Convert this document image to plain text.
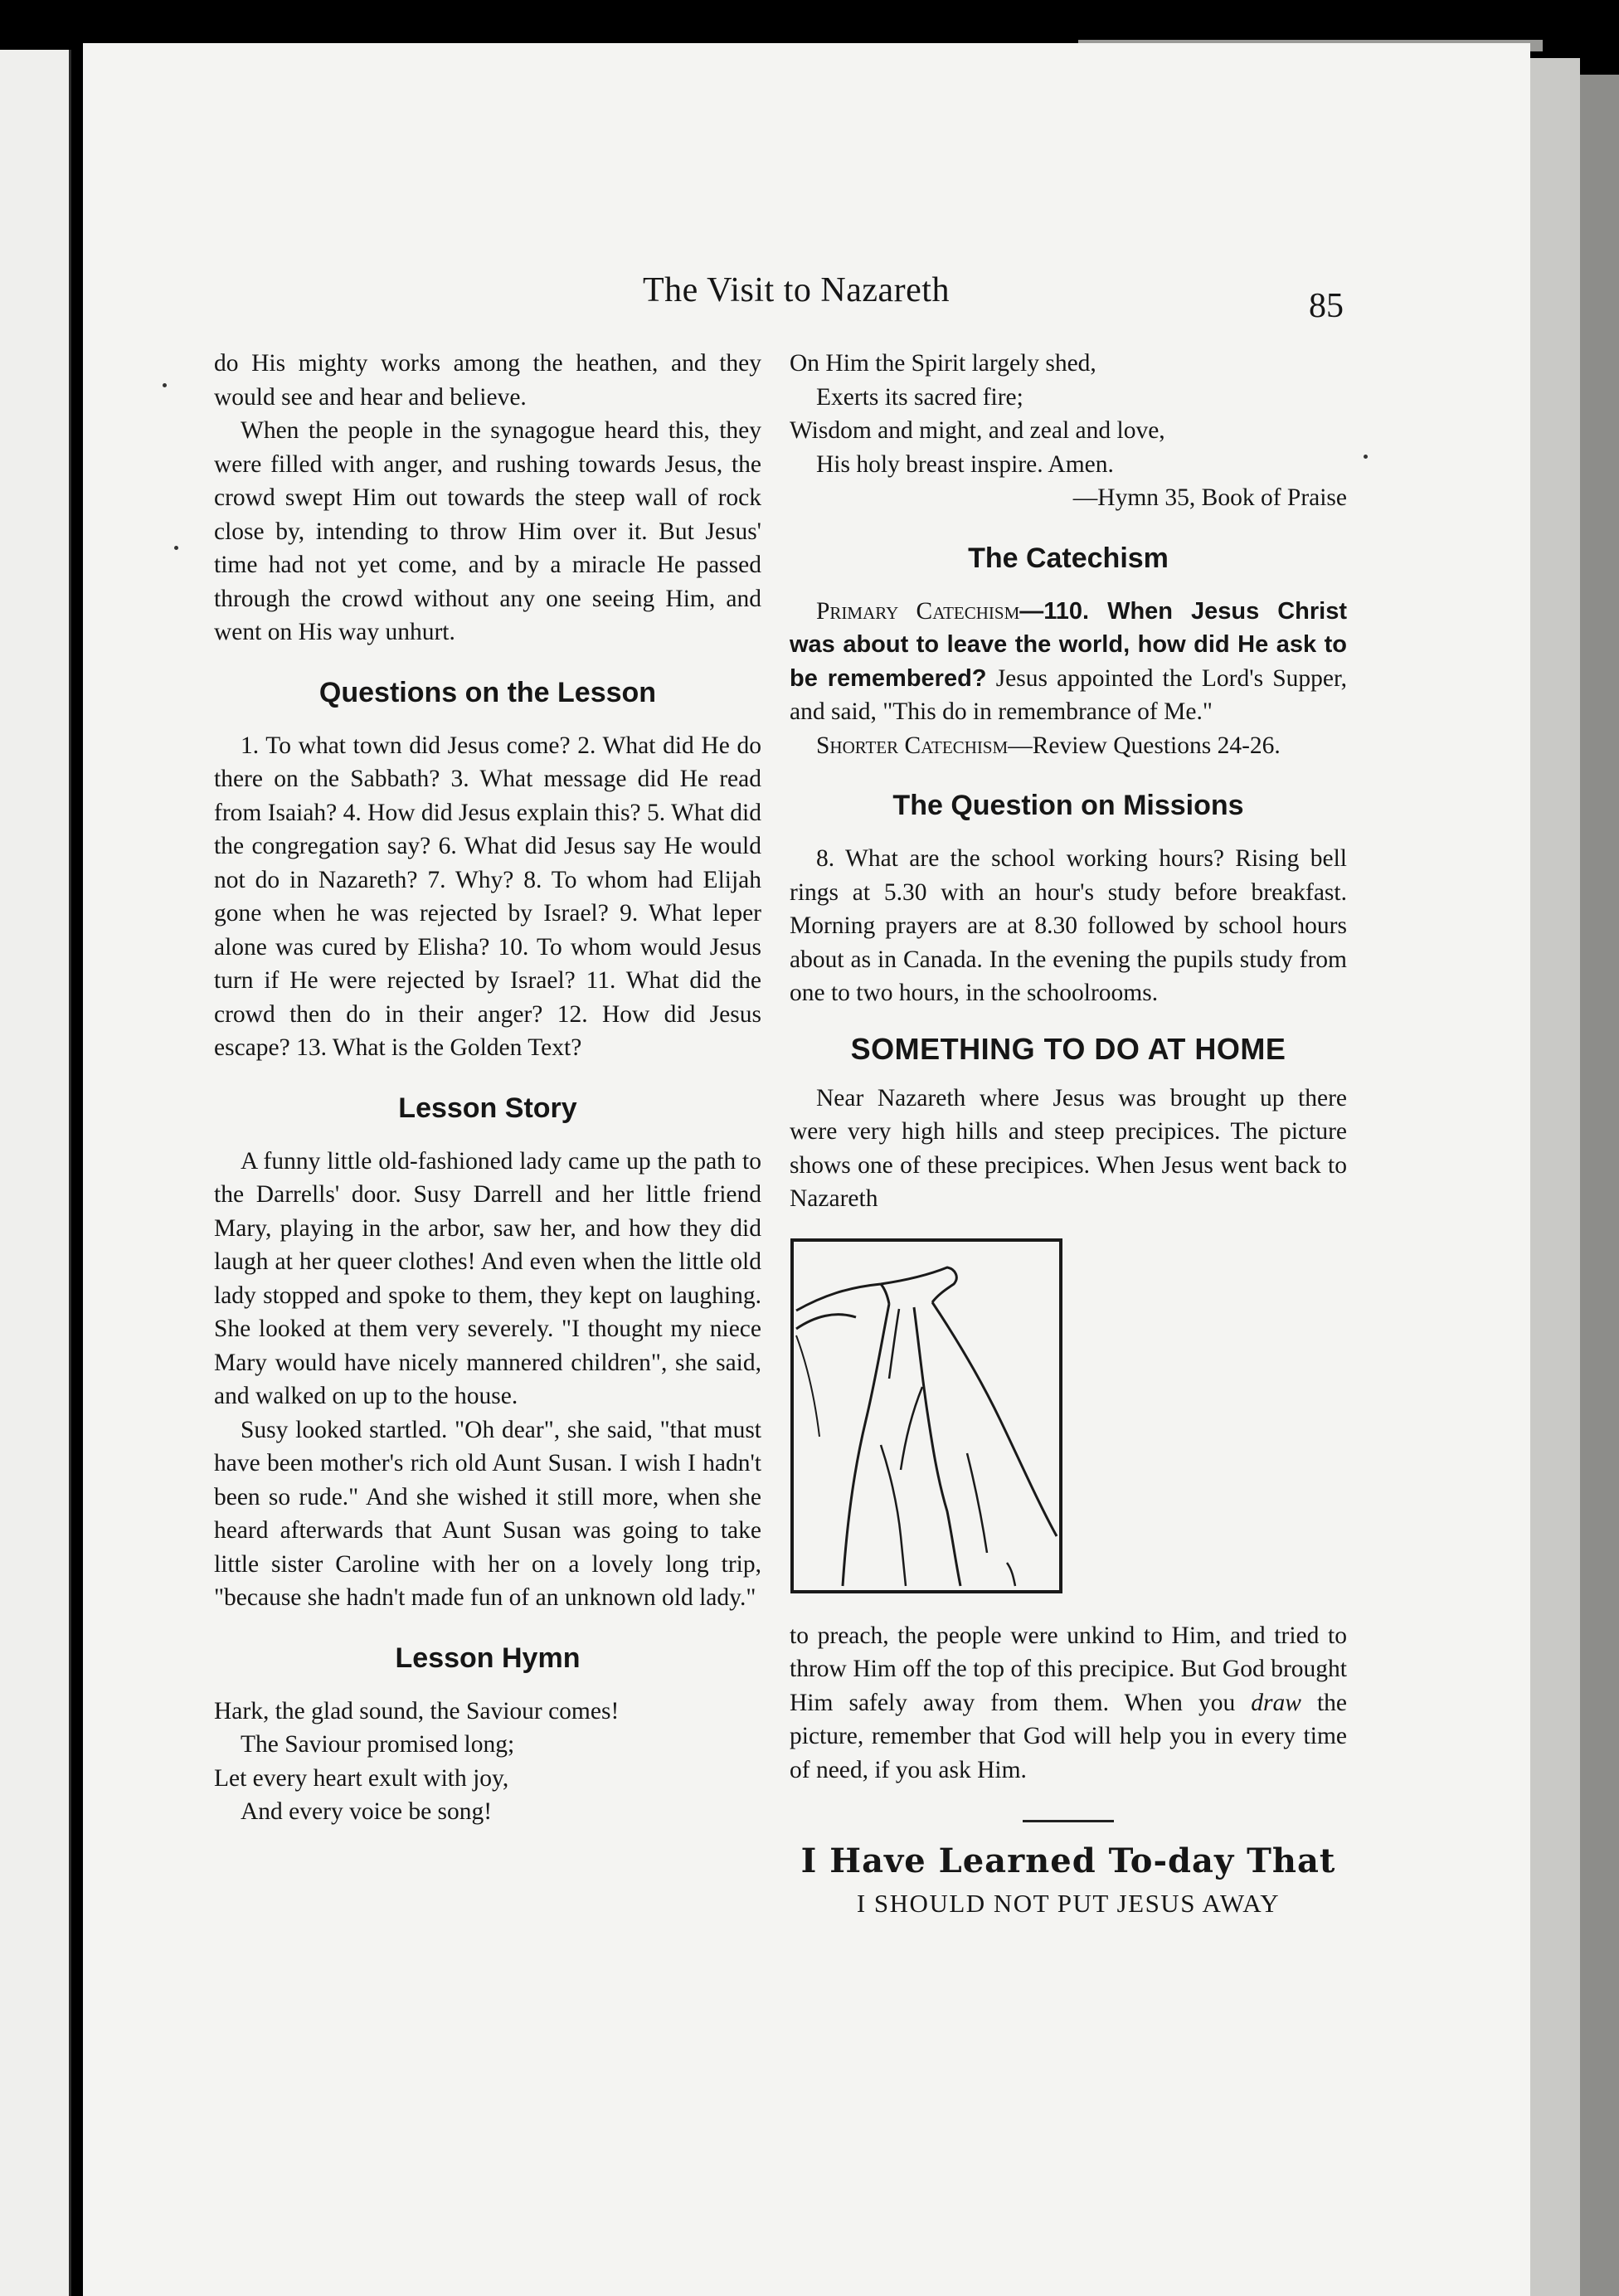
The Visit to Nazareth	85

do His mighty works among the heathen, and they would see and hear and believe.

When the people in the synagogue heard this, they were filled with anger, and rushing towards Jesus, the crowd swept Him out towards the steep wall of rock close by, intending to throw Him over it. But Jesus' time had not yet come, and by a miracle He passed through the crowd without any one seeing Him, and went on His way unhurt.

Questions on the Lesson

1. To what town did Jesus come? 2. What did He do there on the Sabbath? 3. What message did He read from Isaiah? 4. How did Jesus explain this? 5. What did the congregation say? 6. What did Jesus say He would not do in Nazareth? 7. Why? 8. To whom had Elijah gone when he was rejected by Israel? 9. What leper alone was cured by Elisha? 10. To whom would Jesus turn if He were rejected by Israel? 11. What did the crowd then do in their anger? 12. How did Jesus escape? 13. What is the Golden Text?

Lesson Story

A funny little old-fashioned lady came up the path to the Darrells' door. Susy Darrell and her little friend Mary, playing in the arbor, saw her, and how they did laugh at her queer clothes! And even when the little old lady stopped and spoke to them, they kept on laughing. She looked at them very severely. "I thought my niece Mary would have nicely mannered children", she said, and walked on up to the house.

Susy looked startled. "Oh dear", she said, "that must have been mother's rich old Aunt Susan. I wish I hadn't been so rude." And she wished it still more, when she heard afterwards that Aunt Susan was going to take little sister Caroline with her on a lovely long trip, "because she hadn't made fun of an unknown old lady."

Lesson Hymn

Hark, the glad sound, the Saviour comes!

The Saviour promised long;

Let every heart exult with joy,

And every voice be song!

On Him the Spirit largely shed,

Exerts its sacred fire;

Wisdom and might, and zeal and love,

His holy breast inspire. Amen.

—Hymn 35, Book of Praise

The Catechism

Primary Catechism—110. When Jesus Christ was about to leave the world, how did He ask to be remembered? Jesus appointed the Lord's Supper, and said, "This do in remembrance of Me."

Shorter Catechism—Review Questions 24-26.

The Question on Missions

8. What are the school working hours? Rising bell rings at 5.30 with an hour's study before breakfast. Morning prayers are at 8.30 followed by school hours about as in Canada. In the evening the pupils study from one to two hours, in the schoolrooms.

SOMETHING TO DO AT HOME

Near Nazareth where Jesus was brought up there were very high hills and steep precipices. The picture shows one of these precipices. When Jesus went back to Nazareth

to preach, the people were unkind to Him, and tried to throw Him off the top of this precipice. But God brought Him safely away from them. When you draw the picture, remember that God will help you in every time of need, if you ask Him.

I Have Learned To-day That
I SHOULD NOT PUT JESUS AWAY
